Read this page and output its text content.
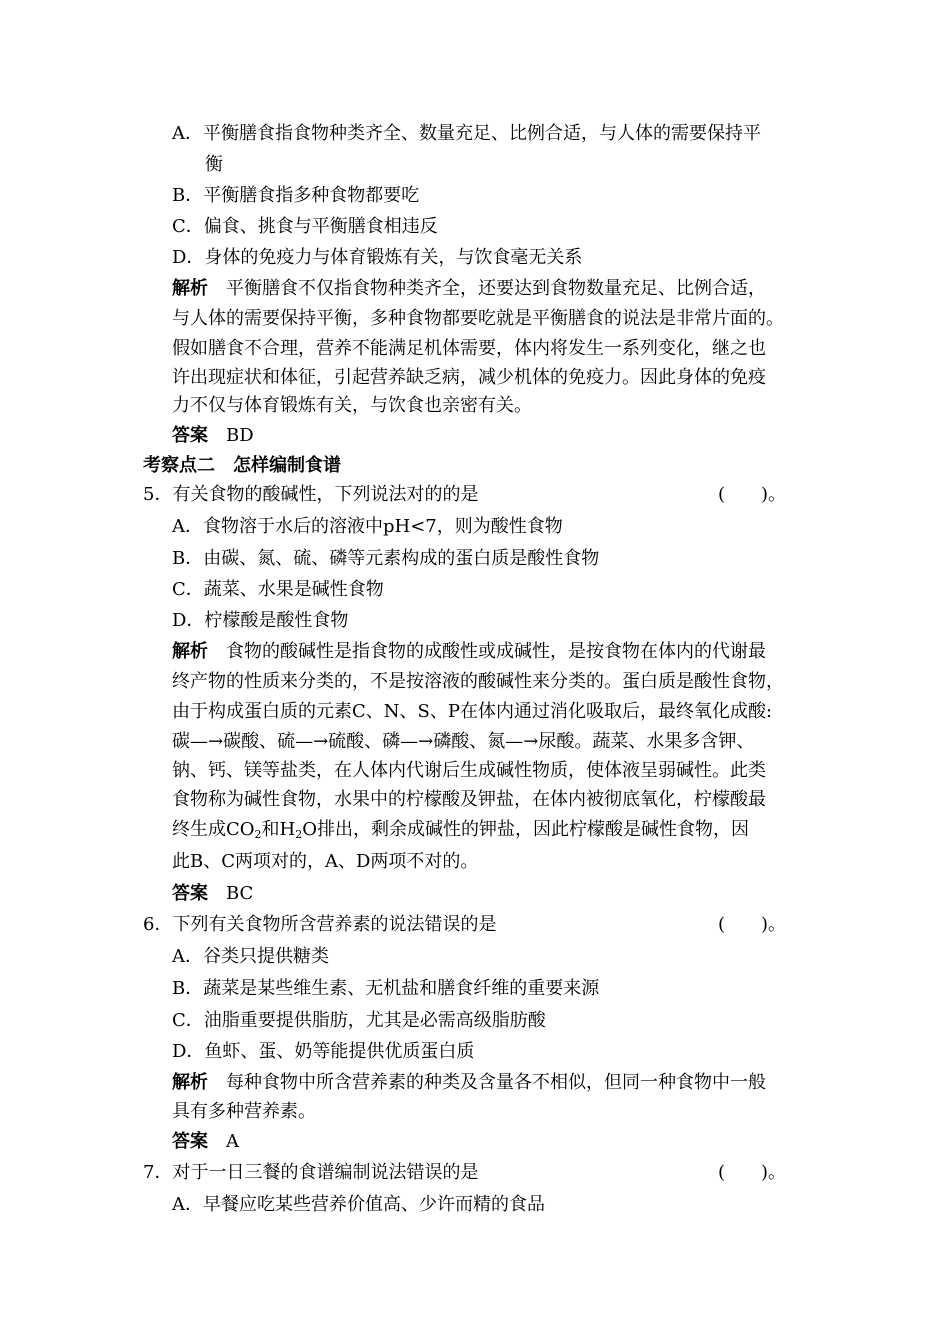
A．平衡膳食指食物种类齐全、数量充足、比例合适，与人体的需要保持平
衡
B．平衡膳食指多种食物都要吃
C．偏食、挑食与平衡膳食相违反
D．身体的免疫力与体育锻炼有关，与饮食毫无关系
解析　 平衡膳食不仅指食物种类齐全，还要达到食物数量充足、比例合适，
与人体的需要保持平衡，多种食物都要吃就是平衡膳食的说法是非常片面的。
假如膳食不合理，营养不能满足机体需要，体内将发生一系列变化，继之也
许出现症状和体征，引起营养缺乏病，减少机体的免疫力。因此身体的免疫
力不仅与体育锻炼有关，与饮食也亲密有关。
答案　 BD
考察点二　怎样编制食谱
5．有关食物的酸碱性，下列说法对的的是	(　　)。
A．食物溶于水后的溶液中pH<7，则为酸性食物
B．由碳、氮、硫、磷等元素构成的蛋白质是酸性食物
C．蔬菜、水果是碱性食物
D．柠檬酸是酸性食物
解析　 食物的酸碱性是指食物的成酸性或成碱性，是按食物在体内的代谢最
终产物的性质来分类的，不是按溶液的酸碱性来分类的。蛋白质是酸性食物，
由于构成蛋白质的元素C、N、S、P在体内通过消化吸取后，最终氧化成酸:
碳—→碳酸、硫—→硫酸、磷—→磷酸、氮—→尿酸。蔬菜、水果多含钾、
钠、钙、镁等盐类，在人体内代谢后生成碱性物质，使体液呈弱碱性。此类
食物称为碱性食物，水果中的柠檬酸及钾盐，在体内被彻底氧化，柠檬酸最
终生成$CO_2$和$H_2O$排出，剩余成碱性的钾盐，因此柠檬酸是碱性食物，因
此B、C两项对的，A、D两项不对的。
答案　 BC
6．下列有关食物所含营养素的说法错误的是	(　　)。
A．谷类只提供糖类
B．蔬菜是某些维生素、无机盐和膳食纤维的重要来源
C．油脂重要提供脂肪，尤其是必需高级脂肪酸
D．鱼虾、蛋、奶等能提供优质蛋白质
解析　 每种食物中所含营养素的种类及含量各不相似，但同一种食物中一般
具有多种营养素。
答案　 A
7．对于一日三餐的食谱编制说法错误的是	(　　)。
A．早餐应吃某些营养价值高、少许而精的食品
